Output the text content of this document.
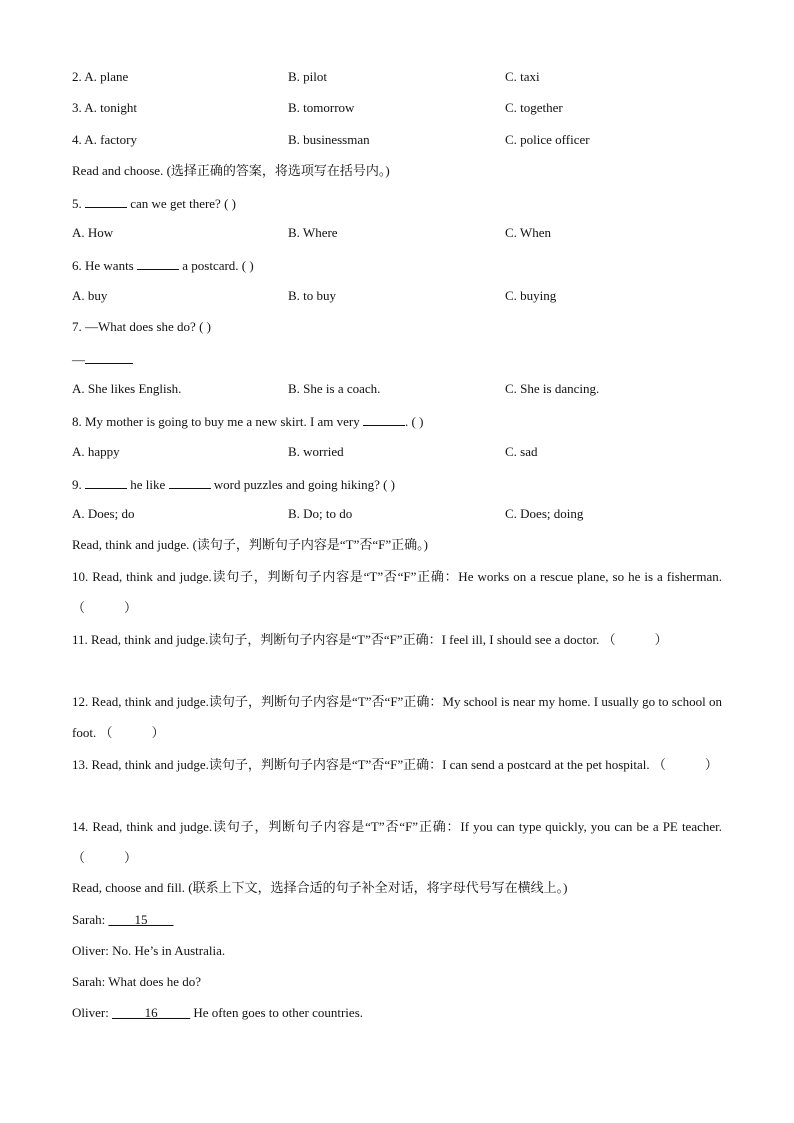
2. A. plane	B. pilot	C. taxi
3. A. tonight	B. tomorrow	C. together
4. A. factory	B. businessman	C. police officer
Read and choose. (选择正确的答案，将选项写在括号内。)
5.	can we get there? ( )
A. How	B. Where	C. When
6. He wants	a postcard. ( )
A. buy	B. to buy	C. buying
7. —What does she do? ( )
—
A. She likes English.	B. She is a coach.	C. She is dancing.
8. My mother is going to buy me a new skirt. I am very	. ( )
A. happy	B. worried	C. sad
9.	he like	word puzzles and going hiking? ( )
A. Does; do	B. Do; to do	C. Does; doing
Read, think and judge. (读句子，判断句子内容是“T”否“F”正确。)
10. Read, think and judge.读句子，判断句子内容是“T”否“F”正确：He works on a rescue plane, so he is a fisherman. （　　　）
11. Read, think and judge.读句子，判断句子内容是“T”否“F”正确：I feel ill, I should see a doctor. （　　　）
12. Read, think and judge.读句子，判断句子内容是“T”否“F”正确：My school is near my home. I usually go to school on foot. （　　　）
13. Read, think and judge.读句子，判断句子内容是“T”否“F”正确：I can send a postcard at the pet hospital. （　　　）
14. Read, think and judge.读句子，判断句子内容是“T”否“F”正确：If you can type quickly, you can be a PE teacher. （　　　）
Read, choose and fill. (联系上下文，选择合适的句子补全对话，将字母代号写在横线上。)
Sarah: ____15____
Oliver: No. He’s in Australia.
Sarah: What does he do?
Oliver: _____16_____ He often goes to other countries.
